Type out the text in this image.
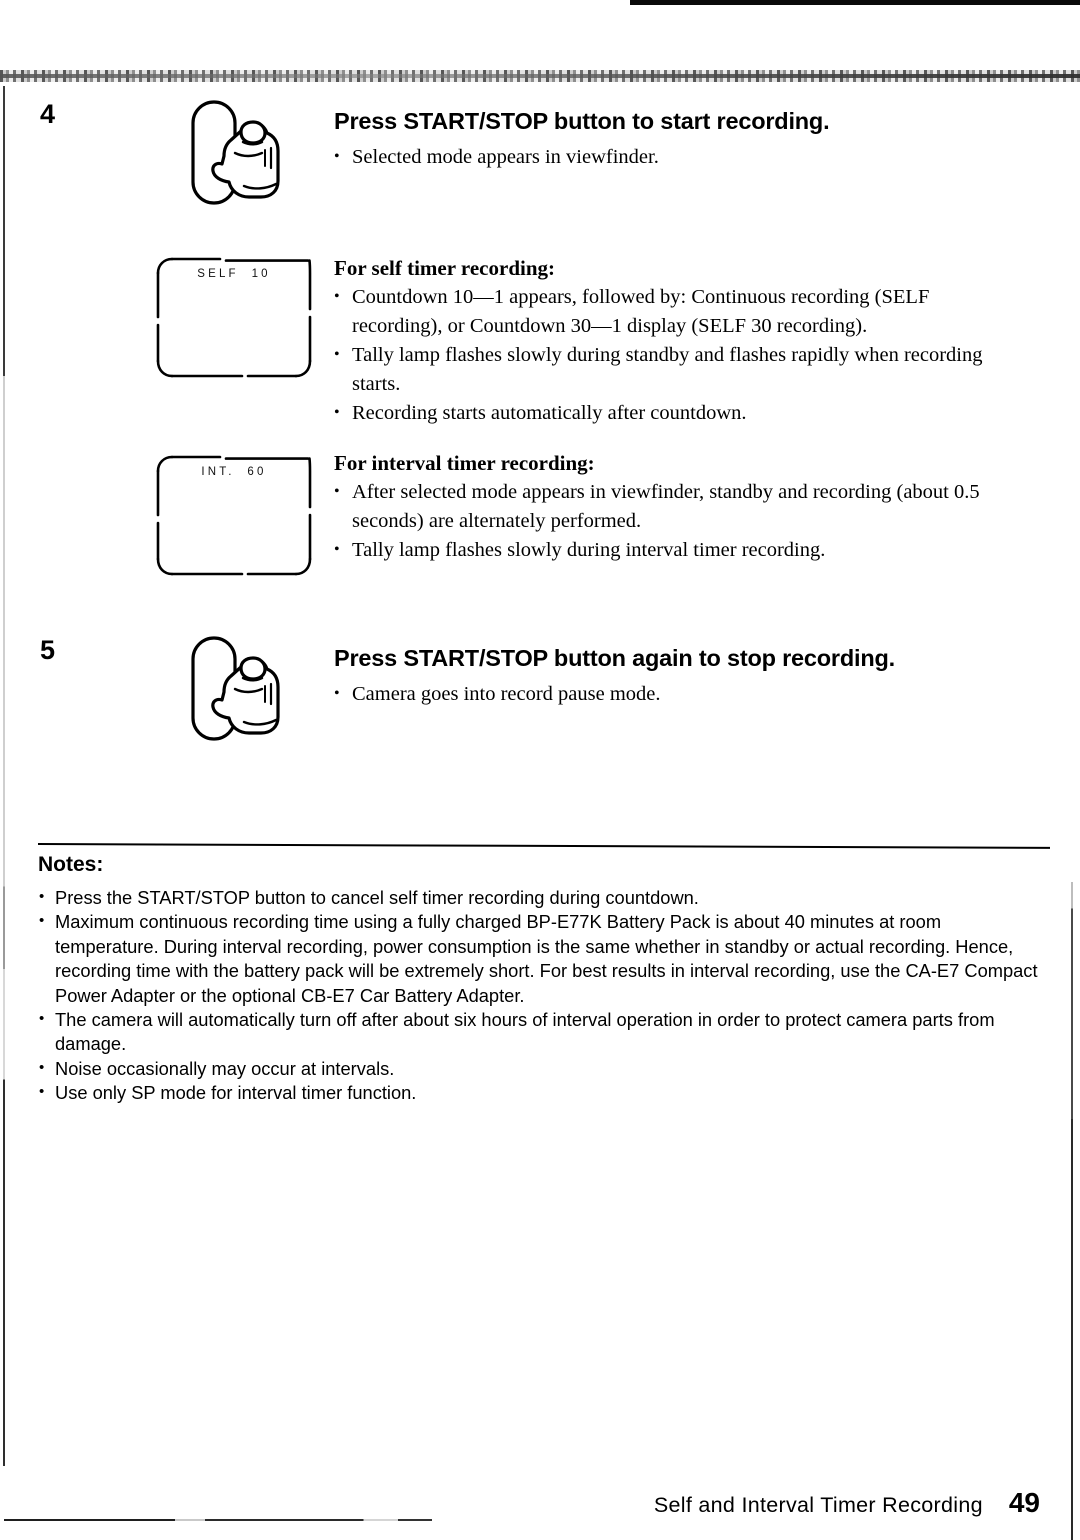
4	Press START/STOP button to start recording.
• Selected mode appears in viewfinder.
SELF  10	For self timer recording:
• Countdown 10—1 appears, followed by: Continuous recording (SELF recording), or Countdown 30—1 display (SELF 30 recording).
• Tally lamp flashes slowly during standby and flashes rapidly when recording starts.
• Recording starts automatically after countdown.
INT.  60	For interval timer recording:
• After selected mode appears in viewfinder, standby and recording (about 0.5 seconds) are alternately performed.
• Tally lamp flashes slowly during interval timer recording.
5	Press START/STOP button again to stop recording.
• Camera goes into record pause mode.
Notes:
• Press the START/STOP button to cancel self timer recording during countdown.
• Maximum continuous recording time using a fully charged BP-E77K Battery Pack is about 40 minutes at room temperature. During interval recording, power consumption is the same whether in standby or actual recording. Hence, recording time with the battery pack will be extremely short. For best results in interval recording, use the CA-E7 Compact Power Adapter or the optional CB-E7 Car Battery Adapter.
• The camera will automatically turn off after about six hours of interval operation in order to protect camera parts from damage.
• Noise occasionally may occur at intervals.
• Use only SP mode for interval timer function.
Self and Interval Timer Recording 49
